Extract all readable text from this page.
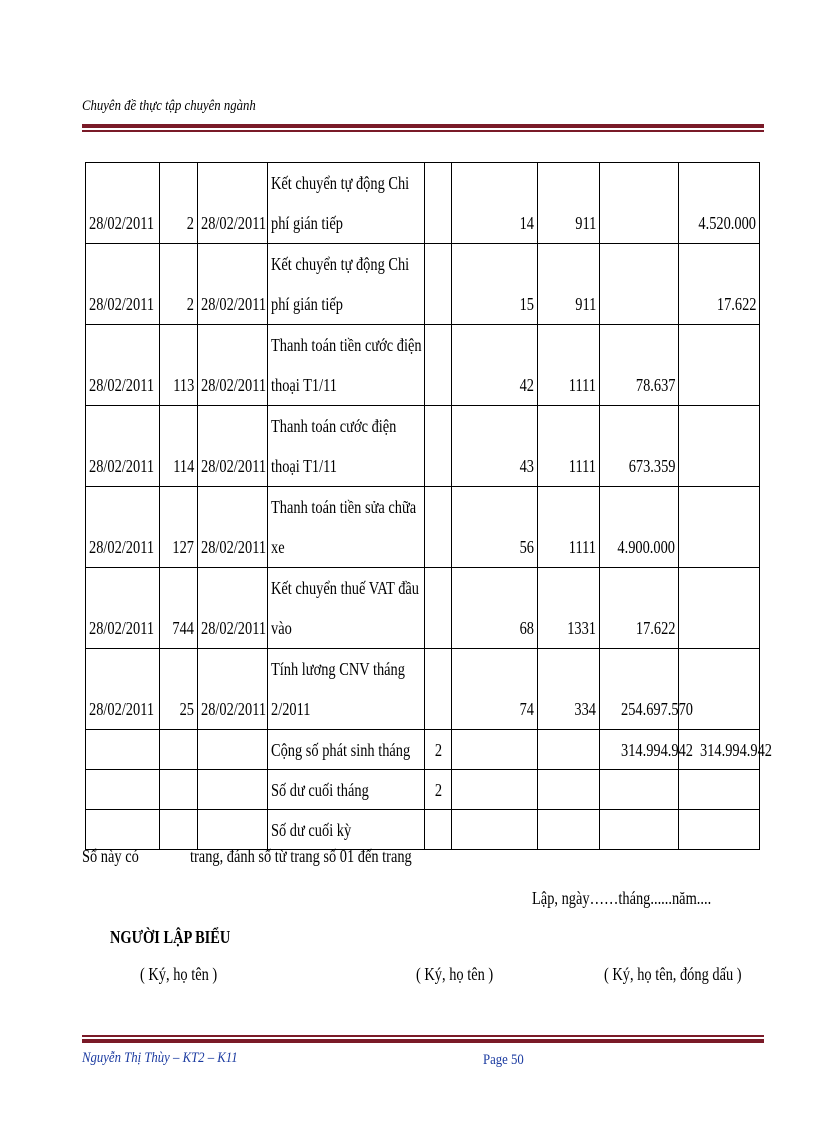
Chuyên đề thực tập chuyên ngành
28/02/2011	2	28/02/2011	Kết chuyển tự động Chi
phí gián tiếp		14	911		4.520.000
28/02/2011	2	28/02/2011	Kết chuyển tự động Chi
phí gián tiếp		15	911		17.622
28/02/2011	113	28/02/2011	Thanh toán tiền cước điện
thoại T1/11		42	1111	78.637	
28/02/2011	114	28/02/2011	Thanh toán cước điện
thoại T1/11		43	1111	673.359	
28/02/2011	127	28/02/2011	Thanh toán tiền sửa chữa
xe		56	1111	4.900.000	
28/02/2011	744	28/02/2011	Kết chuyển thuế VAT đầu
vào		68	1331	17.622	
28/02/2011	25	28/02/2011	Tính lương CNV tháng
2/2011		74	334	254.697.570	
			Cộng số phát sinh tháng	2			314.994.942	314.994.942
			Số dư cuối tháng	2				
			Số dư cuối kỳ					
Sổ này có	trang, đánh số từ trang số 01 đến trang
Lập, ngày……tháng......năm....
NGƯỜI LẬP BIỂU
( Ký, họ tên )	( Ký, họ tên )	( Ký, họ tên, đóng dấu )
Nguyễn Thị Thùy – KT2 – K11	Page 50
